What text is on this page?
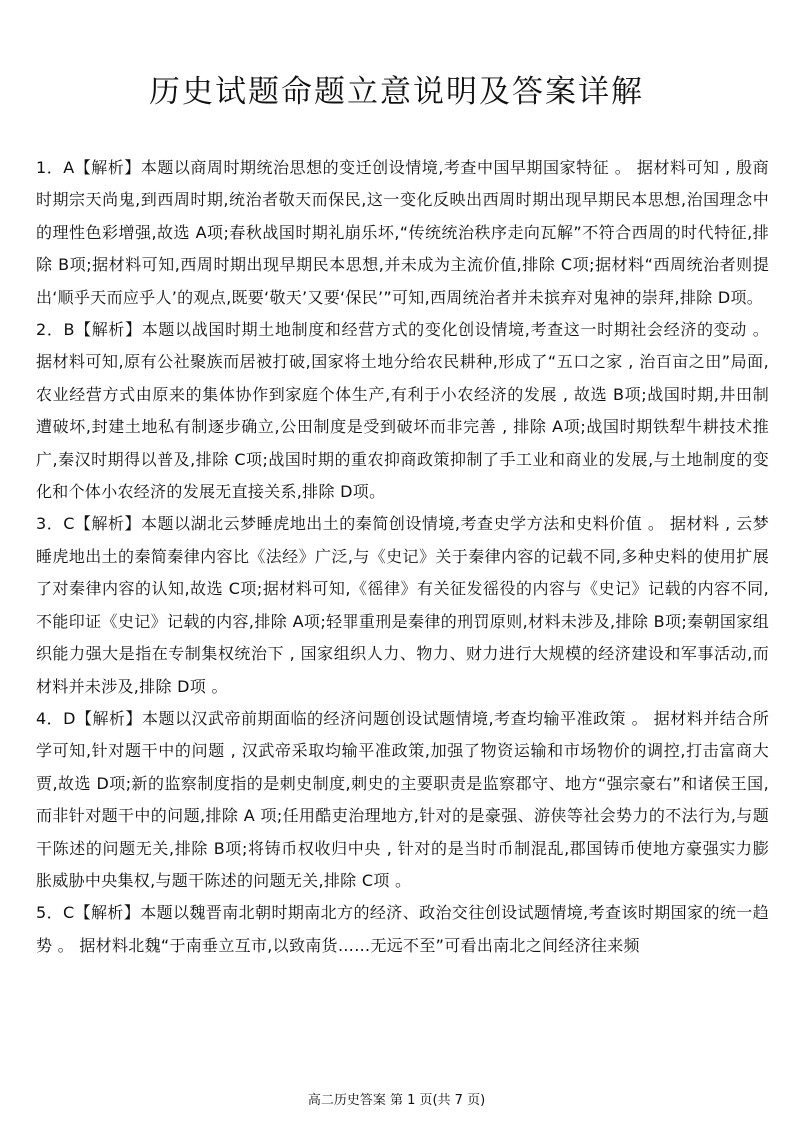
历史试题命题立意说明及答案详解

1．A【解析】本题以商周时期统治思想的变迁创设情境,考查中国早期国家特征 。 据材料可知 , 殷商时期宗天尚鬼,到西周时期,统治者敬天而保民,这一变化反映出西周时期出现早期民本思想,治国理念中的理性色彩增强,故选 A项;春秋战国时期礼崩乐坏,“传统统治秩序走向瓦解”不符合西周的时代特征,排除 B项;据材料可知,西周时期出现早期民本思想,并未成为主流价值,排除 C项;据材料“西周统治者则提出‘顺乎天而应乎人’的观点,既要‘敬天’又要‘保民’”可知,西周统治者并未摈弃对鬼神的崇拜,排除 D项。

2．B【解析】本题以战国时期土地制度和经营方式的变化创设情境,考查这一时期社会经济的变动 。 据材料可知,原有公社聚族而居被打破,国家将土地分给农民耕种,形成了“五口之家 , 治百亩之田”局面,农业经营方式由原来的集体协作到家庭个体生产,有利于小农经济的发展 , 故选 B项;战国时期,井田制遭破坏,封建土地私有制逐步确立,公田制度是受到破坏而非完善 , 排除 A项;战国时期铁犁牛耕技术推广,秦汉时期得以普及,排除 C项;战国时期的重农抑商政策抑制了手工业和商业的发展,与土地制度的变化和个体小农经济的发展无直接关系,排除 D项。

3．C【解析】本题以湖北云梦睡虎地出土的秦简创设情境,考查史学方法和史料价值 。 据材料 , 云梦睡虎地出土的秦简秦律内容比《法经》广泛,与《史记》关于秦律内容的记载不同,多种史料的使用扩展了对秦律内容的认知,故选 C项;据材料可知,《徭律》有关征发徭役的内容与《史记》记载的内容不同,不能印证《史记》记载的内容,排除 A项;轻罪重刑是秦律的刑罚原则,材料未涉及,排除 B项;秦朝国家组织能力强大是指在专制集权统治下 , 国家组织人力、物力、财力进行大规模的经济建设和军事活动,而材料并未涉及,排除 D项 。

4．D【解析】本题以汉武帝前期面临的经济问题创设试题情境,考查均输平准政策 。 据材料并结合所学可知,针对题干中的问题 , 汉武帝采取均输平准政策,加强了物资运输和市场物价的调控,打击富商大贾,故选 D项;新的监察制度指的是刺史制度,刺史的主要职责是监察郡守、地方“强宗豪右”和诸侯王国,而非针对题干中的问题,排除 A 项;任用酷吏治理地方,针对的是豪强、游侠等社会势力的不法行为,与题干陈述的问题无关,排除 B项;将铸币权收归中央 , 针对的是当时币制混乱,郡国铸币使地方豪强实力膨胀威胁中央集权,与题干陈述的问题无关,排除 C项 。

5．C【解析】本题以魏晋南北朝时期南北方的经济、政治交往创设试题情境,考查该时期国家的统一趋势 。 据材料北魏“于南垂立互市,以致南货……无远不至”可看出南北之间经济往来频

高二历史答案 第 1 页(共 7 页)
